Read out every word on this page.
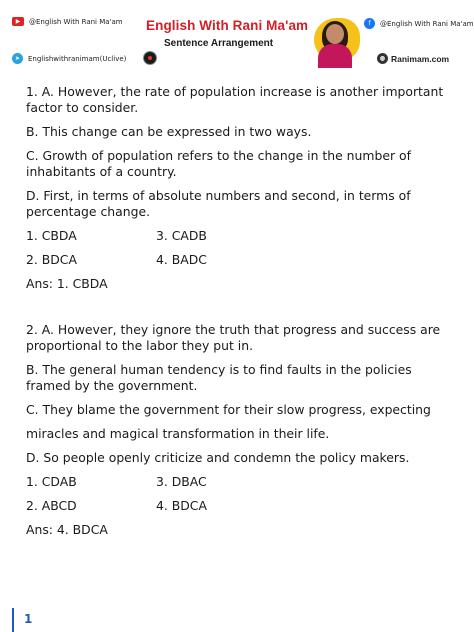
▶	@English With Rani Ma'am
➤	Englishwithranimam(Uclive)
English With Rani Ma'am
Sentence Arrangement
f	@English With Rani Ma'am
◍ Ranimam.com

1. A. However, the rate of population increase is another important factor to consider.

B. This change can be expressed in two ways.

C. Growth of population refers to the change in the number of inhabitants of a country.

D. First, in terms of absolute numbers and second, in terms of percentage change.

1. CBDA	3. CADB
2. BDCA	4. BADC

Ans: 1. CBDA

2. A. However, they ignore the truth that progress and success are proportional to the labor they put in.

B. The general human tendency is to find faults in the policies framed by the government.

C. They blame the government for their slow progress, expecting

miracles and magical transformation in their life.

D. So people openly criticize and condemn the policy makers.

1. CDAB	3. DBAC
2. ABCD	4. BDCA

Ans: 4. BDCA

1
